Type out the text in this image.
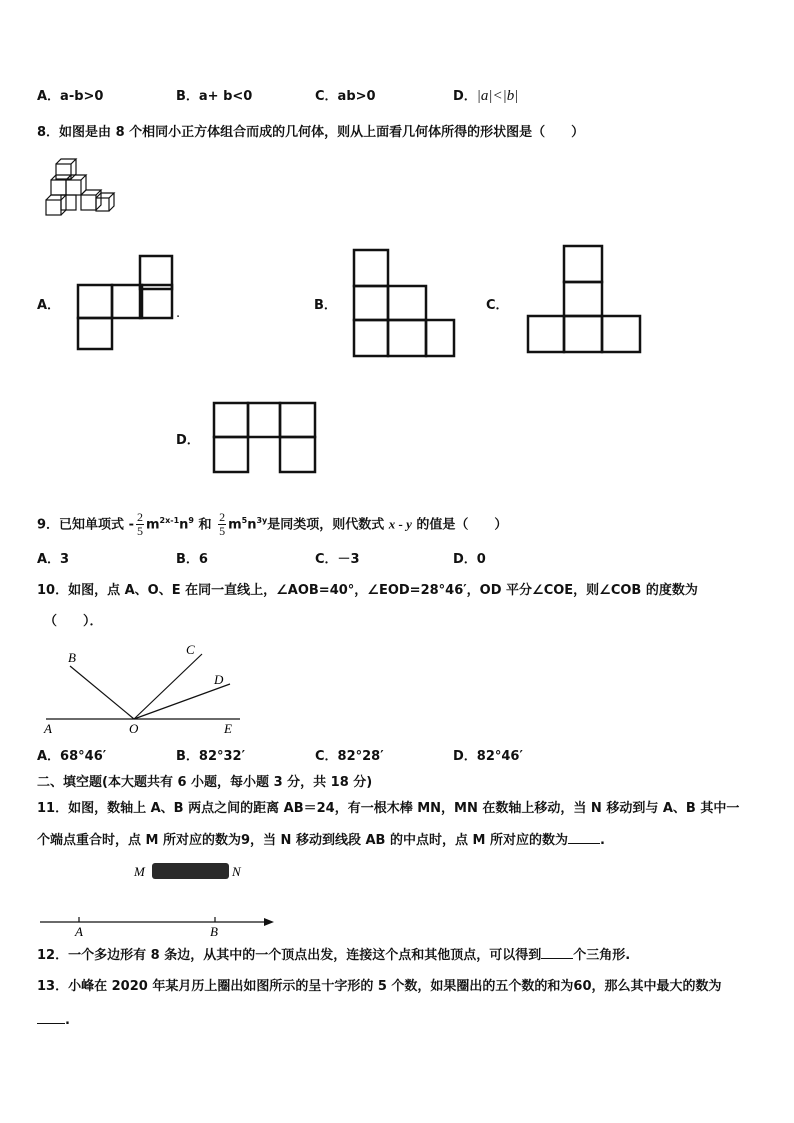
A．a-b>0	B．a+ b<0	C．ab>0	D．|a|<|b|
8．如图是由 8 个相同小正方体组合而成的几何体，则从上面看几何体所得的形状图是（　　）
A．
.
B．	C．
D．
9．已知单项式 - $\frac{2}{5} m^{2x-1}n^9$ 和 $\frac{2}{5} m^5n^{3y}$是同类项，则代数式 x - y 的值是（　　）
A．3	B．6	C．－3	D．0
10．如图，点 A、O、E 在同一直线上，∠AOB=40°，∠EOD=28°46′，OD 平分∠COE，则∠COB 的度数为
（　　）．
A	O	E
B
C
D
A．68°46′	B．82°32′	C．82°28′	D．82°46′
二、填空题(本大题共有 6 小题，每小题 3 分，共 18 分)
11．如图，数轴上 A、B 两点之间的距离 AB＝24，有一根木棒 MN，MN 在数轴上移动，当 N 移动到与 A、B 其中一
个端点重合时，点 M 所对应的数为9，当 N 移动到线段 AB 的中点时，点 M 所对应的数为 .
M	N
A	B
12．一个多边形有 8 条边，从其中的一个顶点出发，连接这个点和其他顶点，可以得到 个三角形.
13．小峰在 2020 年某月历上圈出如图所示的呈十字形的 5 个数，如果圈出的五个数的和为60，那么其中最大的数为
.
